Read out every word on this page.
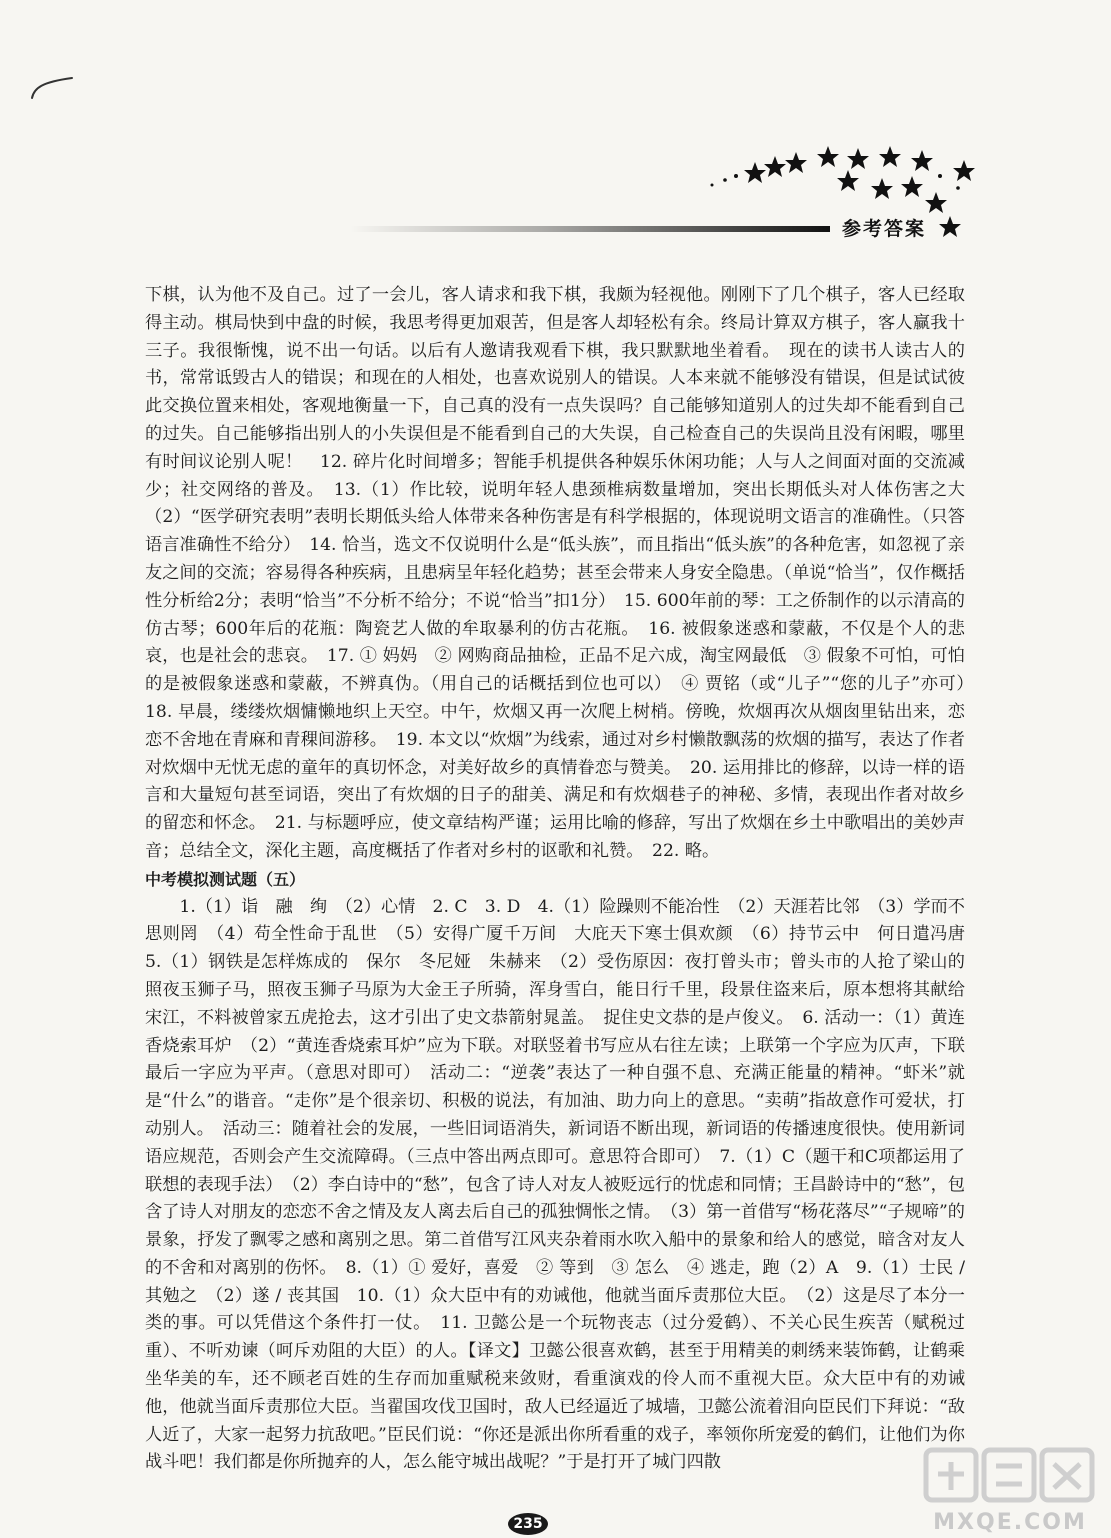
参考答案

下棋，认为他不及自己。过了一会儿，客人请求和我下棋，我颇为轻视他。刚刚下了几个棋子，客人已经取得主动。棋局快到中盘的时候，我思考得更加艰苦，但是客人却轻松有余。终局计算双方棋子，客人赢我十三子。我很惭愧，说不出一句话。以后有人邀请我观看下棋，我只默默地坐着看。　现在的读书人读古人的书，常常诋毁古人的错误；和现在的人相处，也喜欢说别人的错误。人本来就不能够没有错误，但是试试彼此交换位置来相处，客观地衡量一下，自己真的没有一点失误吗？自己能够知道别人的过失却不能看到自己的过失。自己能够指出别人的小失误但是不能看到自己的大失误，自己检查自己的失误尚且没有闲暇，哪里有时间议论别人呢！　12. 碎片化时间增多；智能手机提供各种娱乐休闲功能；人与人之间面对面的交流减少；社交网络的普及。　13.（1）作比较，说明年轻人患颈椎病数量增加，突出长期低头对人体伤害之大　（2）“医学研究表明”表明长期低头给人体带来各种伤害是有科学根据的，体现说明文语言的准确性。（只答语言准确性不给分）　14. 恰当，选文不仅说明什么是“低头族”，而且指出“低头族”的各种危害，如忽视了亲友之间的交流；容易得各种疾病，且患病呈年轻化趋势；甚至会带来人身安全隐患。（单说“恰当”，仅作概括性分析给2分；表明“恰当”不分析不给分；不说“恰当”扣1分）　15. 600年前的琴：工之侨制作的以示清高的仿古琴；600年后的花瓶：陶瓷艺人做的牟取暴利的仿古花瓶。　16. 被假象迷惑和蒙蔽，不仅是个人的悲哀，也是社会的悲哀。　17. ① 妈妈　② 网购商品抽检，正品不足六成，淘宝网最低　③ 假象不可怕，可怕的是被假象迷惑和蒙蔽，不辨真伪。（用自己的话概括到位也可以）　④ 贾铭（或“儿子”“您的儿子”亦可）　18. 早晨，缕缕炊烟慵懒地织上天空。中午，炊烟又再一次爬上树梢。傍晚，炊烟再次从烟囱里钻出来，恋恋不舍地在青麻和青稞间游移。　19. 本文以“炊烟”为线索，通过对乡村懒散飘荡的炊烟的描写，表达了作者对炊烟中无忧无虑的童年的真切怀念，对美好故乡的真情眷恋与赞美。　20. 运用排比的修辞，以诗一样的语言和大量短句甚至词语，突出了有炊烟的日子的甜美、满足和有炊烟巷子的神秘、多情，表现出作者对故乡的留恋和怀念。　21. 与标题呼应，使文章结构严谨；运用比喻的修辞，写出了炊烟在乡土中歌唱出的美妙声音；总结全文，深化主题，高度概括了作者对乡村的讴歌和礼赞。　22. 略。

中考模拟测试题（五）

1.（1）诣　融　绚　（2）心情　2. C　3. D　4.（1）险躁则不能冶性　（2）天涯若比邻　（3）学而不思则罔　（4）苟全性命于乱世　（5）安得广厦千万间　大庇天下寒士俱欢颜　（6）持节云中　何日遣冯唐　5.（1）钢铁是怎样炼成的　保尔　冬尼娅　朱赫来　（2）受伤原因：夜打曾头市；曾头市的人抢了梁山的照夜玉狮子马，照夜玉狮子马原为大金王子所骑，浑身雪白，能日行千里，段景住盗来后，原本想将其献给宋江，不料被曾家五虎抢去，这才引出了史文恭箭射晁盖。　捉住史文恭的是卢俊义。　6. 活动一：（1）黄连香烧索耳炉　（2）“黄连香烧索耳炉”应为下联。对联竖着书写应从右往左读；上联第一个字应为仄声，下联最后一字应为平声。（意思对即可）　活动二：“逆袭”表达了一种自强不息、充满正能量的精神。“虾米”就是“什么”的谐音。“走你”是个很亲切、积极的说法，有加油、助力向上的意思。“卖萌”指故意作可爱状，打动别人。　活动三：随着社会的发展，一些旧词语消失，新词语不断出现，新词语的传播速度很快。使用新词语应规范，否则会产生交流障碍。（三点中答出两点即可。意思符合即可）　7.（1）C（题干和C项都运用了联想的表现手法）　（2）李白诗中的“愁”，包含了诗人对友人被贬远行的忧虑和同情；王昌龄诗中的“愁”，包含了诗人对朋友的恋恋不舍之情及友人离去后自己的孤独惆怅之情。　（3）第一首借写“杨花落尽”“子规啼”的景象，抒发了飘零之感和离别之思。第二首借写江风夹杂着雨水吹入船中的景象和给人的感觉，暗含对友人的不舍和对离别的伤怀。　8.（1）① 爱好，喜爱　② 等到　③ 怎么　④ 逃走，跑（2）A　9.（1）士民 / 其勉之　（2）遂 / 丧其国　10.（1）众大臣中有的劝诫他，他就当面斥责那位大臣。　（2）这是尽了本分一类的事。可以凭借这个条件打一仗。　11. 卫懿公是一个玩物丧志（过分爱鹤）、不关心民生疾苦（赋税过重）、不听劝谏（呵斥劝阻的大臣）的人。【译文】卫懿公很喜欢鹤，甚至于用精美的刺绣来装饰鹤，让鹤乘坐华美的车，还不顾老百姓的生存而加重赋税来敛财，看重演戏的伶人而不重视大臣。众大臣中有的劝诫他，他就当面斥责那位大臣。当翟国攻伐卫国时，敌人已经逼近了城墙，卫懿公流着泪向臣民们下拜说：“敌人近了，大家一起努力抗敌吧。”臣民们说：“你还是派出你所看重的戏子，率领你所宠爱的鹤们，让他们为你战斗吧！我们都是你所抛弃的人，怎么能守城出战呢？”于是打开了城门四散

235	MXQE.COM
